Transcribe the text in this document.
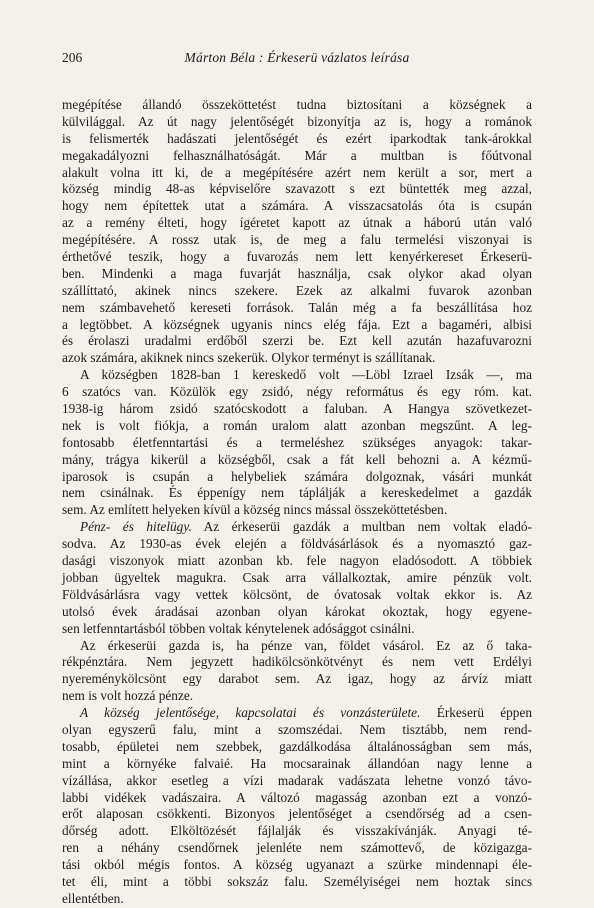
206	Márton Béla : Érkeserü vázlatos leírása
megépítése állandó összeköttetést tudna biztosítani a községnek a
külvilággal. Az út nagy jelentőségét bizonyítja az is, hogy a románok
is felismerték hadászati jelentőségét és ezért iparkodtak tank-árokkal
megakadályozni felhasználhatóságát. Már a multban is főútvonal
alakult volna itt ki, de a megépítésére azért nem került a sor, mert a
község mindig 48-as képviselőre szavazott s ezt büntették meg azzal,
hogy nem építettek utat a számára. A visszacsatolás óta is csupán
az a remény élteti, hogy ígéretet kapott az útnak a háború után való
megépítésére. A rossz utak is, de meg a falu termelési viszonyai is
érthetővé teszik, hogy a fuvarozás nem lett kenyérkereset Érkeserü-
ben. Mindenki a maga fuvarját használja, csak olykor akad olyan
szállíttató, akinek nincs szekere. Ezek az alkalmi fuvarok azonban
nem számbavehető kereseti források. Talán még a fa beszállítása hoz
a legtöbbet. A községnek ugyanis nincs elég fája. Ezt a bagaméri, albisi
és érolaszi uradalmi erdőből szerzi be. Ezt kell azután hazafuvarozni
azok számára, akiknek nincs szekerük. Olykor terményt is szállítanak.
A községben 1828-ban 1 kereskedő volt —Löbl Izrael Izsák —, ma
6 szatócs van. Közülök egy zsidó, négy református és egy róm. kat.
1938-ig három zsidó szatócskodott a faluban. A Hangya szövetkezet-
nek is volt fiókja, a román uralom alatt azonban megszűnt. A leg-
fontosabb életfenntartási és a termeléshez szükséges anyagok: takar-
mány, trágya kikerül a községből, csak a fát kell behozni a. A kézmű-
iparosok is csupán a helybeliek számára dolgoznak, vásári munkát
nem csinálnak. És éppenígy nem táplálják a kereskedelmet a gazdák
sem. Az említett helyeken kívül a község nincs mással összeköttetésben.
Pénz- és hitelügy. Az érkeserüi gazdák a multban nem voltak eladó-
sodva. Az 1930-as évek elején a földvásárlások és a nyomasztó gaz-
dasági viszonyok miatt azonban kb. fele nagyon eladósodott. A többiek
jobban ügyeltek magukra. Csak arra vállalkoztak, amire pénzük volt.
Földvásárlásra vagy vettek kölcsönt, de óvatosak voltak ekkor is. Az
utolsó évek áradásai azonban olyan károkat okoztak, hogy egyene-
sen letfenntartásból többen voltak kénytelenek adósággot csinálni.
Az érkeserüi gazda is, ha pénze van, földet vásárol. Ez az ő taka-
rékpénztára. Nem jegyzett hadikölcsönkötvényt és nem vett Erdélyi
nyereménykölcsönt egy darabot sem. Az igaz, hogy az árvíz miatt
nem is volt hozzá pénze.
A község jelentősége, kapcsolatai és vonzásterülete. Érkeserü éppen
olyan egyszerű falu, mint a szomszédai. Nem tisztább, nem rend-
tosabb, épületei nem szebbek, gazdálkodása általánosságban sem más,
mint a környéke falvaié. Ha mocsarainak állandóan nagy lenne a
vízállása, akkor esetleg a vízi madarak vadászata lehetne vonzó távo-
labbi vidékek vadászaira. A változó magasság azonban ezt a vonzó-
erőt alaposan csökkenti. Bizonyos jelentőséget a csendőrség ad a csen-
dőrség adott. Elköltözését fájlalják és visszakívánják. Anyagi té-
ren a néhány csendőrnek jelenléte nem számottevő, de közigazga-
tási okból mégis fontos. A község ugyanazt a szürke mindennapi éle-
tet éli, mint a többi sokszáz falu. Személyiségei nem hoztak sincs
ellentétben.
